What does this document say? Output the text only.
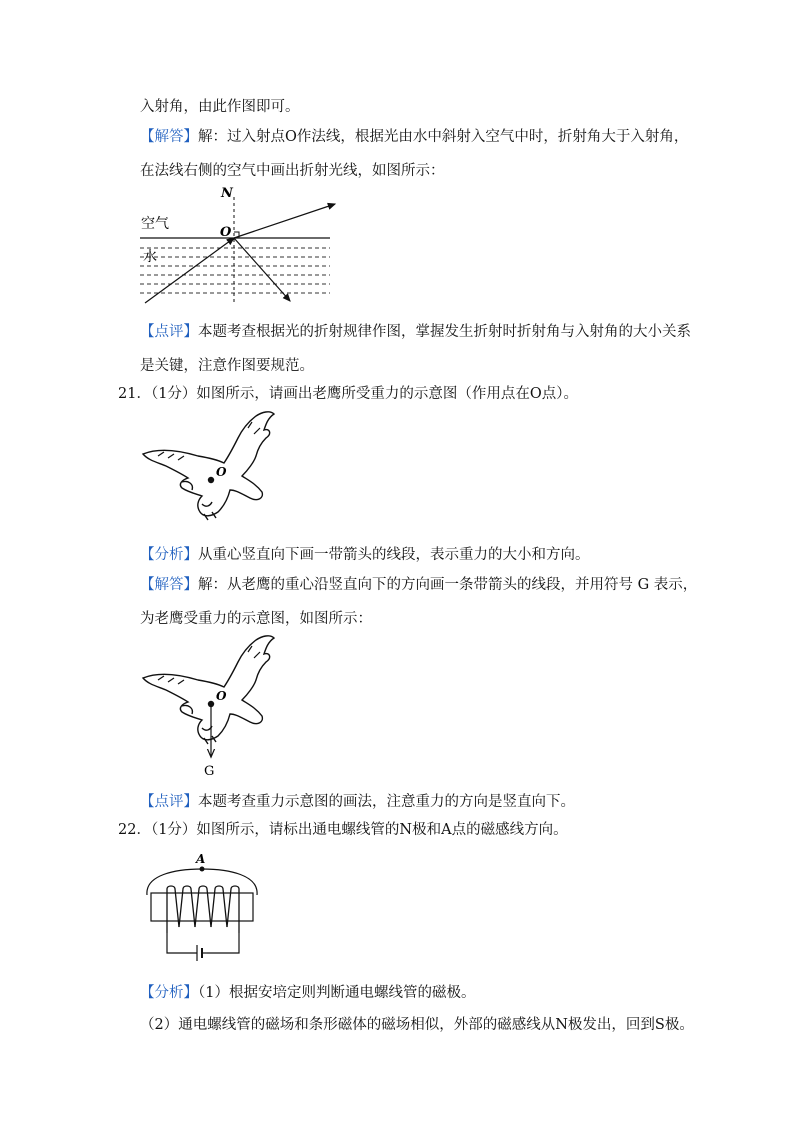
入射角，由此作图即可。
【解答】解：过入射点O作法线，根据光由水中斜射入空气中时，折射角大于入射角，
在法线右侧的空气中画出折射光线，如图所示：
N
O
空气
水
【点评】本题考查根据光的折射规律作图，掌握发生折射时折射角与入射角的大小关系
是关键，注意作图要规范。
21．（1分）如图所示，请画出老鹰所受重力的示意图（作用点在O点）。
O
【分析】从重心竖直向下画一带箭头的线段，表示重力的大小和方向。
【解答】解：从老鹰的重心沿竖直向下的方向画一条带箭头的线段，并用符号 G 表示，
为老鹰受重力的示意图，如图所示：
O
G
【点评】本题考查重力示意图的画法，注意重力的方向是竖直向下。
22．（1分）如图所示，请标出通电螺线管的N极和A点的磁感线方向。
A
【分析】（1）根据安培定则判断通电螺线管的磁极。
（2）通电螺线管的磁场和条形磁体的磁场相似，外部的磁感线从N极发出，回到S极。
